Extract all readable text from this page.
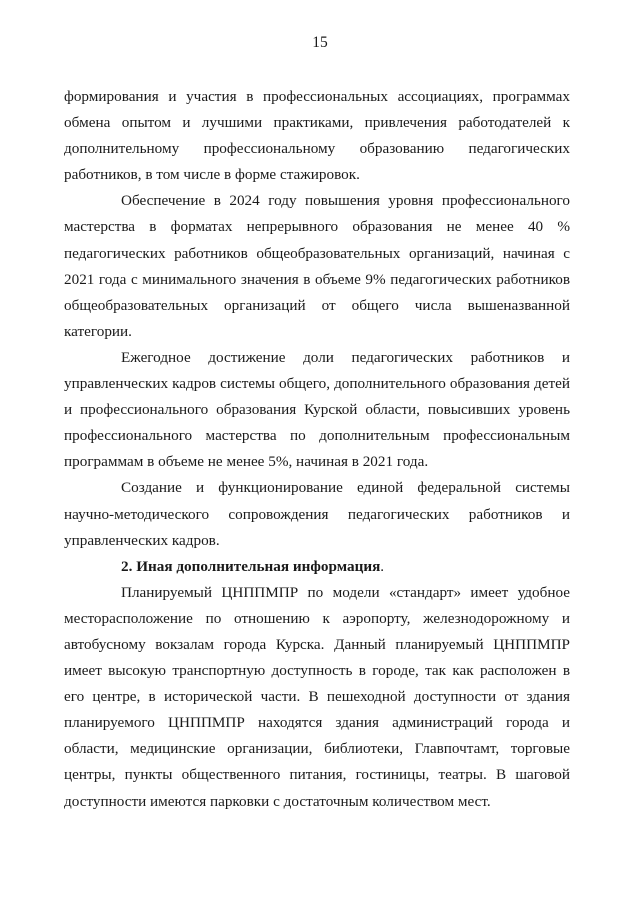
15

формирования и участия в профессиональных ассоциациях, программах обмена опытом и лучшими практиками, привлечения работодателей к дополнительному профессиональному образованию педагогических работников, в том числе в форме стажировок.

Обеспечение в 2024 году повышения уровня профессионального мастерства в форматах непрерывного образования не менее 40 % педагогических работников общеобразовательных организаций, начиная с 2021 года с минимального значения в объеме 9% педагогических работников общеобразовательных организаций от общего числа вышеназванной категории.

Ежегодное достижение доли педагогических работников и управленческих кадров системы общего, дополнительного образования детей и профессионального образования Курской области, повысивших уровень профессионального мастерства по дополнительным профессиональным программам в объеме не менее 5%, начиная в 2021 года.

Создание и функционирование единой федеральной системы научно-методического сопровождения педагогических работников и управленческих кадров.

2. Иная дополнительная информация.

Планируемый ЦНППМПР по модели «стандарт» имеет удобное месторасположение по отношению к аэропорту, железнодорожному и автобусному вокзалам города Курска. Данный планируемый ЦНППМПР имеет высокую транспортную доступность в городе, так как расположен в его центре, в исторической части. В пешеходной доступности от здания планируемого ЦНППМПР находятся здания администраций города и области, медицинские организации, библиотеки, Главпочтамт, торговые центры, пункты общественного питания, гостиницы, театры. В шаговой доступности имеются парковки с достаточным количеством мест.
